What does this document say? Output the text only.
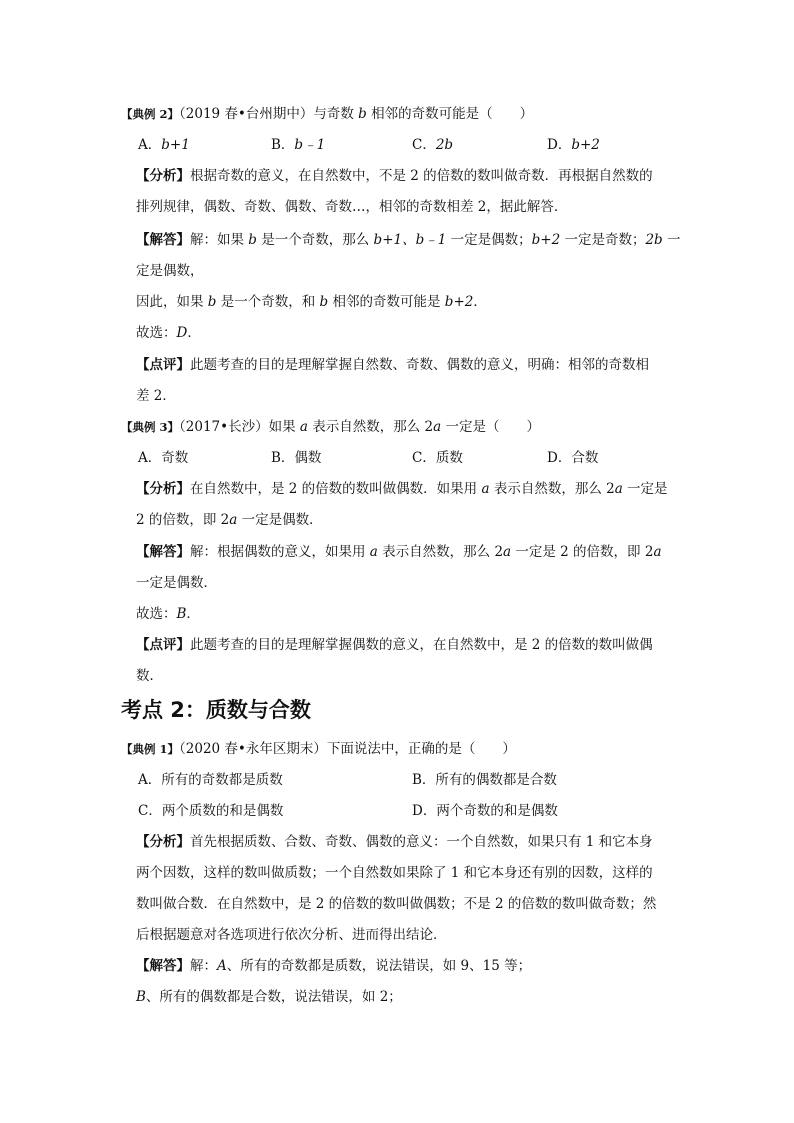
【典例 2】（2019 春•台州期中）与奇数 b 相邻的奇数可能是（　　）
A．b+1	B．b﹣1	C．2b	D．b+2
【分析】根据奇数的意义，在自然数中，不是 2 的倍数的数叫做奇数．再根据自然数的
排列规律，偶数、奇数、偶数、奇数…，相邻的奇数相差 2，据此解答．
【解答】解：如果 b 是一个奇数，那么 b+1、b﹣1 一定是偶数；b+2 一定是奇数；2b 一
定是偶数，
因此，如果 b 是一个奇数，和 b 相邻的奇数可能是 b+2．
故选：D．
【点评】此题考查的目的是理解掌握自然数、奇数、偶数的意义，明确：相邻的奇数相
差 2．
【典例 3】（2017•长沙）如果 a 表示自然数，那么 2a 一定是（　　）
A．奇数	B．偶数	C．质数	D．合数
【分析】在自然数中，是 2 的倍数的数叫做偶数．如果用 a 表示自然数，那么 2a 一定是
2 的倍数，即 2a 一定是偶数．
【解答】解：根据偶数的意义，如果用 a 表示自然数，那么 2a 一定是 2 的倍数，即 2a
一定是偶数．
故选：B．
【点评】此题考查的目的是理解掌握偶数的意义，在自然数中，是 2 的倍数的数叫做偶
数．
考点 2：质数与合数
【典例 1】（2020 春•永年区期末）下面说法中，正确的是（　　）
A．所有的奇数都是质数	B．所有的偶数都是合数
C．两个质数的和是偶数	D．两个奇数的和是偶数
【分析】首先根据质数、合数、奇数、偶数的意义：一个自然数，如果只有 1 和它本身
两个因数，这样的数叫做质数；一个自然数如果除了 1 和它本身还有别的因数，这样的
数叫做合数．在自然数中，是 2 的倍数的数叫做偶数；不是 2 的倍数的数叫做奇数；然
后根据题意对各选项进行依次分析、进而得出结论．
【解答】解：A、所有的奇数都是质数，说法错误，如 9、15 等；
B、所有的偶数都是合数，说法错误，如 2；
